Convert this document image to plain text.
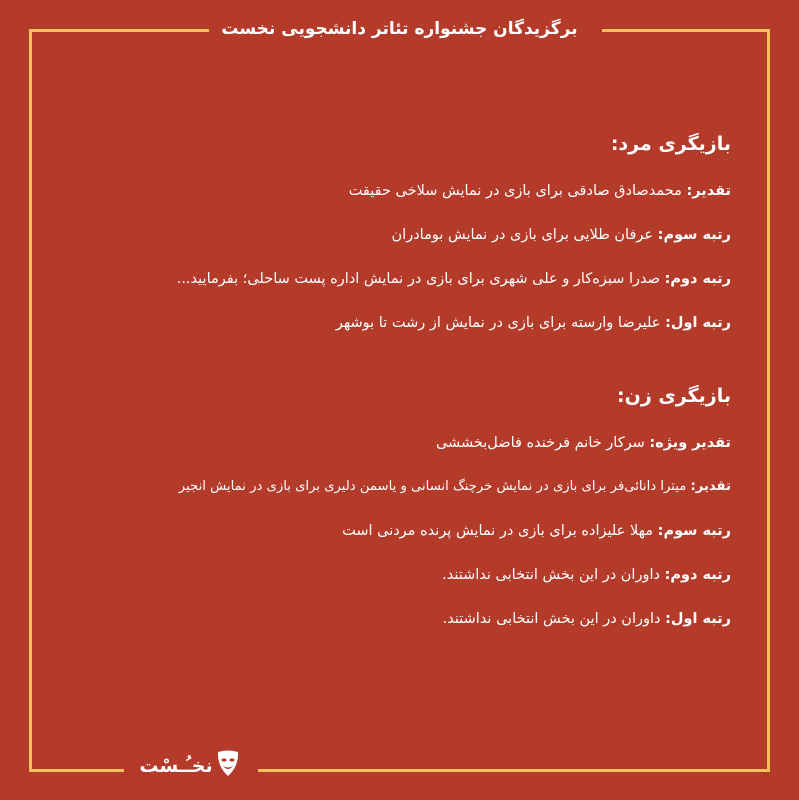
برگزیدگان جشنواره تئاتر دانشجویی نخست
بازیگری مرد:
تقدیر: محمدصادق صادقی برای بازی در نمایش سلاخی حقیقت
رتبه سوم: عرفان طلایی برای بازی در نمایش بومادران
رتبه دوم: صدرا سبزه‌کار و علی شهری برای بازی در نمایش اداره پست ساحلی؛ بفرمایید...
رتبه اول: علیرضا وارسته برای بازی در نمایش از رشت تا بوشهر
بازیگری زن:
تقدیر ویژه: سرکار خانم فرخنده فاضل‌بخششی
تقدیر: میترا دانائی‌فر برای بازی در نمایش خرچنگ انسانی و یاسمن دلیری برای بازی در نمایش انجیر
رتبه سوم: مهلا علیزاده برای بازی در نمایش پرنده مردنی است
رتبه دوم: داوران در این بخش انتخابی نداشتند.
رتبه اول: داوران در این بخش انتخابی نداشتند.
نخـُـسْت
